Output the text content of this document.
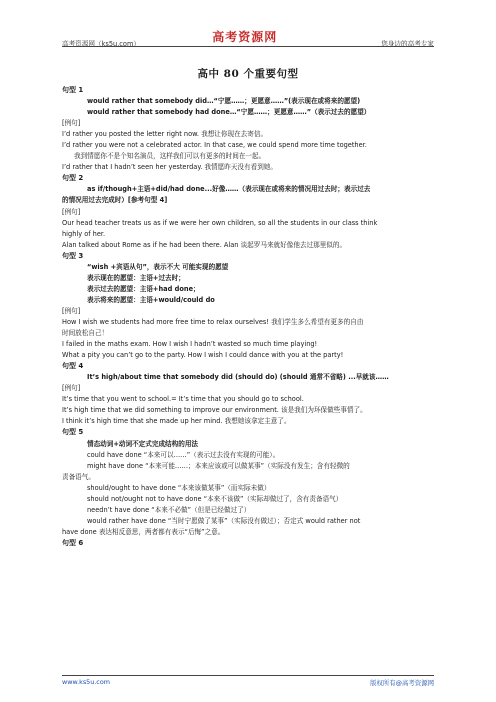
高考资源网（ks5u.com）	高考资源网	您身边的高考专家
高中 80 个重要句型
句型 1
would rather that somebody did…“宁愿……；更愿意……”(表示现在或将来的愿望)
would rather that somebody had done…“宁愿……；更愿意……”（表示过去的愿望）
[例句]
I’d rather you posted the letter right now. 我想让你现在去寄信。
I’d rather you were not a celebrated actor. In that case, we could spend more time together.
我到情愿你不是个知名演员，这样我们可以有更多的时间在一起。
I’d rather that I hadn’t seen her yesterday. 我情愿昨天没有看到她。
句型 2
as if/though+主语+did/had done...好像……（表示现在或将来的情况用过去时；表示过去
的情况用过去完成时）[参考句型 4]
[例句]
Our head teacher treats us as if we were her own children, so all the students in our class think
highly of her.
Alan talked about Rome as if he had been there. Alan 谈起罗马来就好像他去过那里似的。
句型 3
“wish +宾语从句”，表示不大 可能实现的愿望
表示现在的愿望：主语+过去时；
表示过去的愿望：主语+had done；
表示将来的愿望：主语+would/could do
[例句]
How I wish we students had more free time to relax ourselves! 我们学生多么希望有更多的自由
时间放松自己！
I failed in the maths exam. How I wish I hadn’t wasted so much time playing!
What a pity you can’t go to the party. How I wish I could dance with you at the party!
句型 4
It’s high/about time that somebody did (should do) (should 通常不省略) ...早就该……
[例句]
It’s time that you went to school.= It’s time that you should go to school.
It’s high time that we did something to improve our environment. 该是我们为环保做些事情了。
I think it’s high time that she made up her mind. 我想她该拿定主意了。
句型 5
情态动词+动词不定式完成结构的用法
could have done “本来可以……”（表示过去没有实现的可能）。
might have done “本来可能……；本来应该或可以做某事”（实际没有发生；含有轻微的
责备语气。
should/ought to have done “本来该做某事”（而实际未做）
should not/ought not to have done “本来不该做”（实际却做过了，含有责备语气）
needn’t have done “本来不必做”（但是已经做过了）
would rather have done “当时宁愿做了某事”（实际没有做过）；否定式 would rather not
have done 表达相反意思，两者都有表示“后悔”之意。
句型 6
www.ks5u.com	版权所有@高考资源网
